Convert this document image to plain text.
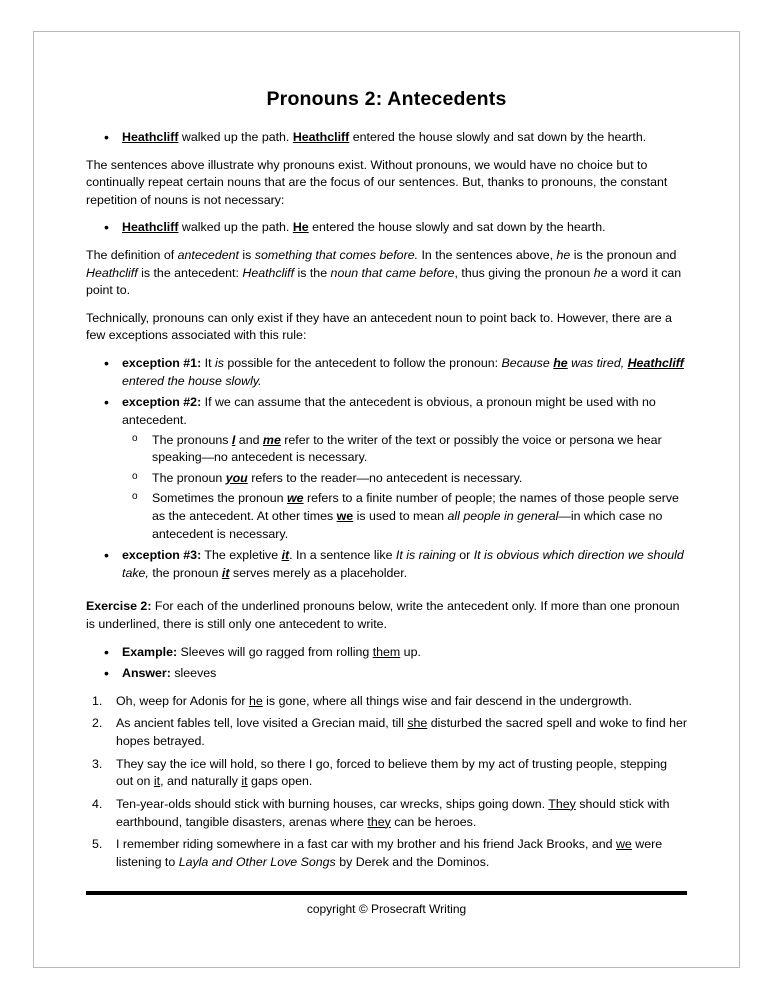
Pronouns 2: Antecedents
• Heathcliff walked up the path. Heathcliff entered the house slowly and sat down by the hearth.

The sentences above illustrate why pronouns exist. Without pronouns, we would have no choice but to continually repeat certain nouns that are the focus of our sentences. But, thanks to pronouns, the constant repetition of nouns is not necessary:

• Heathcliff walked up the path. He entered the house slowly and sat down by the hearth.

The definition of antecedent is something that comes before. In the sentences above, he is the pronoun and Heathcliff is the antecedent: Heathcliff is the noun that came before, thus giving the pronoun he a word it can point to.

Technically, pronouns can only exist if they have an antecedent noun to point back to. However, there are a few exceptions associated with this rule:

• exception #1: It is possible for the antecedent to follow the pronoun: Because he was tired, Heathcliff entered the house slowly.
• exception #2: If we can assume that the antecedent is obvious, a pronoun might be used with no antecedent.
o The pronouns I and me refer to the writer of the text or possibly the voice or persona we hear speaking—no antecedent is necessary.
o The pronoun you refers to the reader—no antecedent is necessary.
o Sometimes the pronoun we refers to a finite number of people; the names of those people serve as the antecedent. At other times we is used to mean all people in general—in which case no antecedent is necessary.
• exception #3: The expletive it. In a sentence like It is raining or It is obvious which direction we should take, the pronoun it serves merely as a placeholder.

Exercise 2: For each of the underlined pronouns below, write the antecedent only. If more than one pronoun is underlined, there is still only one antecedent to write.

• Example: Sleeves will go ragged from rolling them up.
• Answer: sleeves
Oh, weep for Adonis for he is gone, where all things wise and fair descend in the undergrowth.
As ancient fables tell, love visited a Grecian maid, till she disturbed the sacred spell and woke to find her hopes betrayed.
They say the ice will hold, so there I go, forced to believe them by my act of trusting people, stepping out on it, and naturally it gaps open.
Ten-year-olds should stick with burning houses, car wrecks, ships going down. They should stick with earthbound, tangible disasters, arenas where they can be heroes.
I remember riding somewhere in a fast car with my brother and his friend Jack Brooks, and we were listening to Layla and Other Love Songs by Derek and the Dominos.
copyright © Prosecraft Writing
